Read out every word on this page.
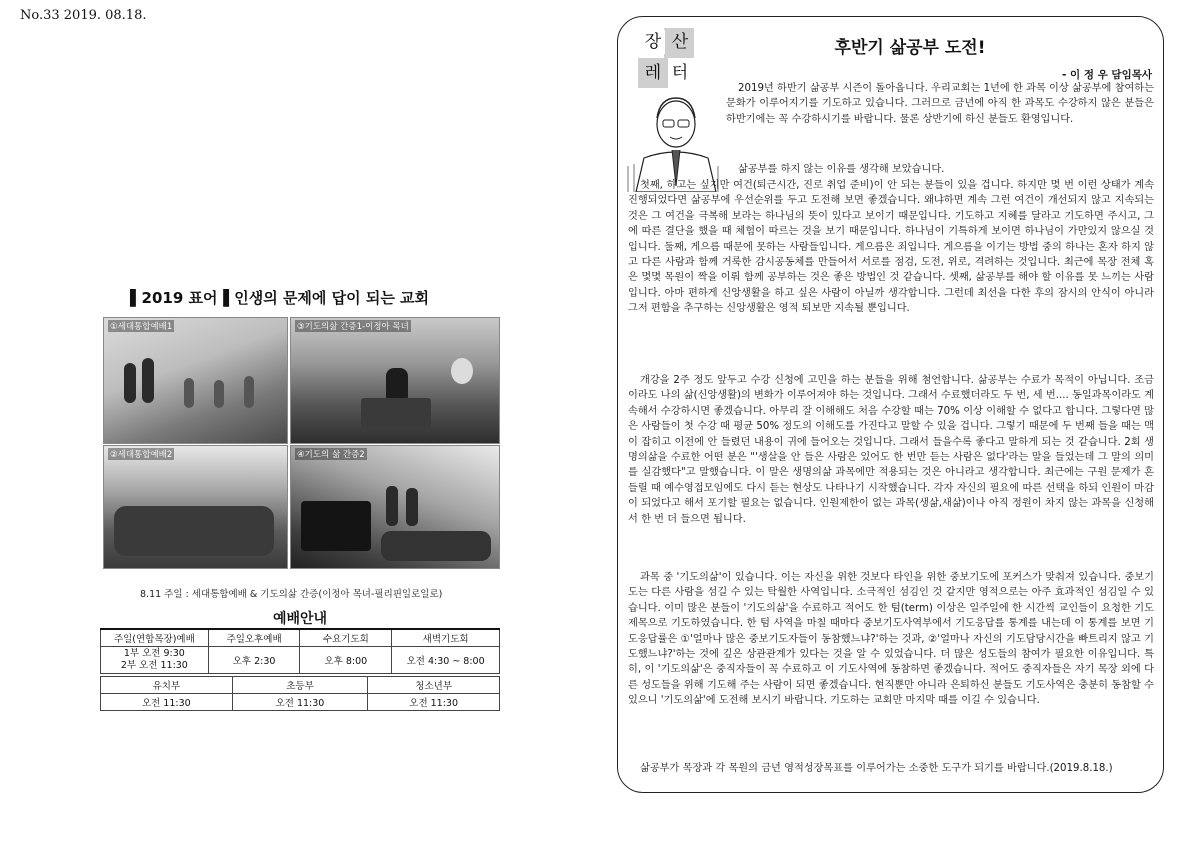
No.33 2019. 08.18.
▌2019 표어▐ 인생의 문제에 답이 되는 교회
①세대통합예배1	③기도의삶 간증1-이정아 목녀
②세대통합예배2	④기도의 삶 간증2
8.11 주일 : 세대통합예배 & 기도의삶 간증(이정아 목녀-필리핀일로일로)
예배안내
주일(연합목장)예배	주일오후예배	수요기도회	새벽기도회

1부 오전 9:30
2부 오전 11:30	오후 2:30	오후 8:00	오전 4:30 ~ 8:00
유치부	초등부	청소년부
오전 11:30	오전 11:30	오전 11:30
장 산
레 터
후반기 삶공부 도전!
- 이 정 우 담임목사
2019년 하반기 삶공부 시즌이 돌아옵니다. 우리교회는 1년에 한 과목 이상 삶공부에 참여하는 문화가 이루어지기를 기도하고 있습니다. 그러므로 금년에 아직 한 과목도 수강하지 않은 분들은 하반기에는 꼭 수강하시기를 바랍니다. 물론 상반기에 하신 분들도 환영입니다.
삶공부를 하지 않는 이유를 생각해 보았습니다.
첫째, 하고는 싶지만 여건(퇴근시간, 진로 취업 준비)이 안 되는 분들이 있을 겁니다. 하지만 몇 번 이런 상태가 계속 진행되었다면 삶공부에 우선순위를 두고 도전해 보면 좋겠습니다. 왜냐하면 계속 그런 여건이 개선되지 않고 지속되는 것은 그 여건을 극복해 보라는 하나님의 뜻이 있다고 보이기 때문입니다. 기도하고 지혜를 달라고 기도하면 주시고, 그에 따른 결단을 했을 때 체험이 따르는 것을 보기 때문입니다. 하나님이 기특하게 보이면 하나님이 가만있지 않으실 것입니다. 둘째, 게으름 때문에 못하는 사람들입니다. 게으름은 죄입니다. 게으름을 이기는 방법 중의 하나는 혼자 하지 않고 다른 사람과 함께 거룩한 감시공동체를 만들어서 서로를 점검, 도전, 위로, 격려하는 것입니다. 최근에 목장 전체 혹은 몇몇 목원이 짝을 이뤄 함께 공부하는 것은 좋은 방법인 것 같습니다. 셋째, 삶공부를 해야 할 이유를 못 느끼는 사람입니다. 아마 편하게 신앙생활을 하고 싶은 사람이 아닐까 생각합니다. 그런데 최선을 다한 후의 잠시의 안식이 아니라 그저 편함을 추구하는 신앙생활은 영적 퇴보만 지속될 뿐입니다.
개강을 2주 정도 앞두고 수강 신청에 고민을 하는 분들을 위해 첨언합니다. 삶공부는 수료가 목적이 아닙니다. 조금이라도 나의 삶(신앙생활)의 변화가 이루어져야 하는 것입니다. 그래서 수료했더라도 두 번, 세 번.... 동일과목이라도 계속해서 수강하시면 좋겠습니다. 아무리 잘 이해해도 처음 수강할 때는 70% 이상 이해할 수 없다고 합니다. 그렇다면 많은 사람들이 첫 수강 때 평균 50% 정도의 이해도를 가진다고 말할 수 있을 겁니다. 그렇기 때문에 두 번째 들을 때는 맥이 잡히고 이전에 안 들렸던 내용이 귀에 들어오는 것입니다. 그래서 들을수록 좋다고 말하게 되는 것 같습니다. 2회 생명의삶을 수료한 어떤 분은 "'생살을 안 들은 사람은 있어도 한 번만 듣는 사람은 없다'라는 말을 들었는데 그 말의 의미를 실감했다"고 말했습니다. 이 말은 생명의삶 과목에만 적용되는 것은 아니라고 생각합니다. 최근에는 구원 문제가 흔들릴 때 예수영접모임에도 다시 듣는 현상도 나타나기 시작했습니다. 각자 자신의 필요에 따른 선택을 하되 인원이 마감이 되었다고 해서 포기할 필요는 없습니다. 인원제한이 없는 과목(생삶,새삶)이나 아직 정원이 차지 않는 과목을 신청해서 한 번 더 들으면 됩니다.
과목 중 '기도의삶'이 있습니다. 이는 자신을 위한 것보다 타인을 위한 중보기도에 포커스가 맞춰져 있습니다. 중보기도는 다른 사람을 섬길 수 있는 탁월한 사역입니다. 소극적인 섬김인 것 같지만 영적으로는 아주 효과적인 섬김일 수 있습니다. 이미 많은 분들이 '기도의삶'을 수료하고 적어도 한 텀(term) 이상은 일주일에 한 시간씩 교인들이 요청한 기도제목으로 기도하였습니다. 한 텀 사역을 마칠 때마다 중보기도사역부에서 기도응답를 통계를 내는데 이 통계를 보면 기도응답률은 ①'얼마나 많은 중보기도자들이 동참했느냐?'하는 것과, ②'얼마나 자신의 기도담당시간을 빠트리지 않고 기도했느냐?'하는 것에 깊은 상관관계가 있다는 것을 알 수 있었습니다. 더 많은 성도들의 참여가 필요한 이유입니다. 특히, 이 '기도의삶'은 중직자들이 꼭 수료하고 이 기도사역에 동참하면 좋겠습니다. 적어도 중직자들은 자기 목장 외에 다른 성도들을 위해 기도해 주는 사람이 되면 좋겠습니다. 현직뿐만 아니라 은퇴하신 분들도 기도사역은 충분히 동참할 수 있으니 '기도의삶'에 도전해 보시기 바랍니다. 기도하는 교회만 마지막 때를 이길 수 있습니다.
삶공부가 목장과 각 목원의 금년 영적성장목표를 이루어가는 소중한 도구가 되기를 바랍니다.(2019.8.18.)
